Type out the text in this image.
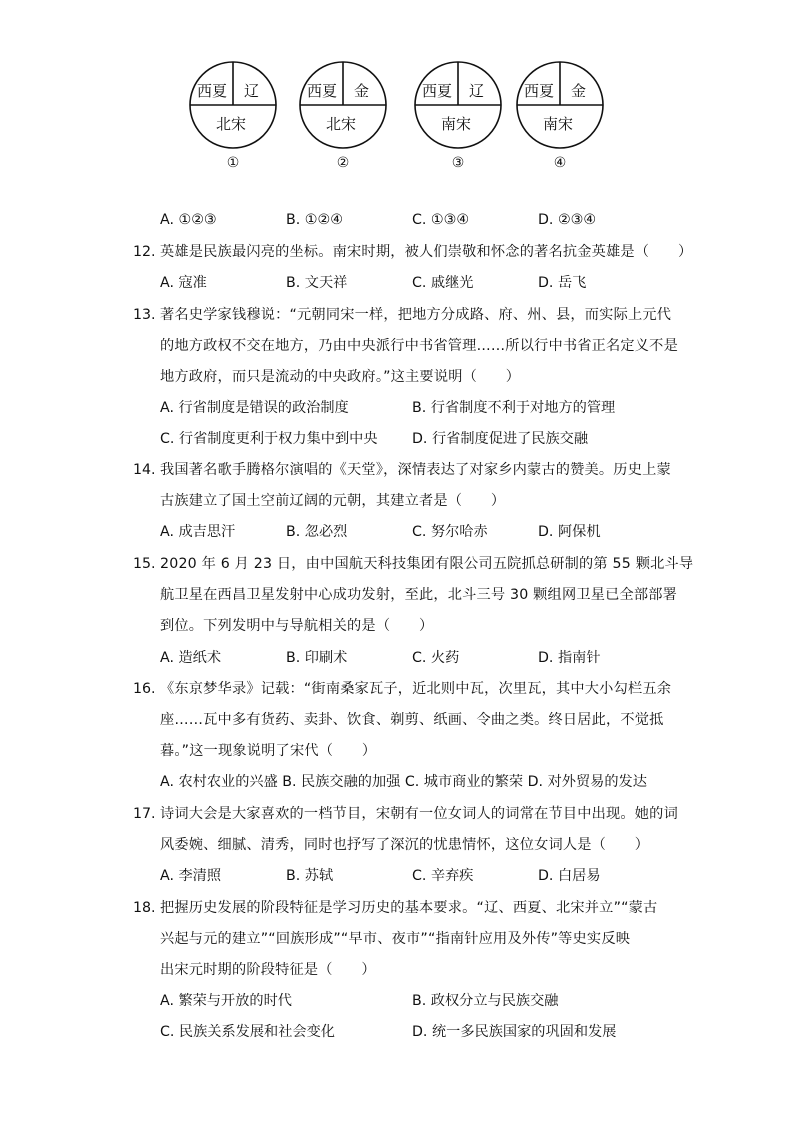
西夏 辽
北宋
①
西夏 金
北宋
②
西夏 辽
南宋
③
西夏 金
南宋
④
A. ①②③	B. ①②④	C. ①③④	D. ②③④
12. 英雄是民族最闪亮的坐标。南宋时期，被人们崇敬和怀念的著名抗金英雄是（　　）
A. 寇准	B. 文天祥	C. 戚继光	D. 岳飞
13. 著名史学家钱穆说：“元朝同宋一样，把地方分成路、府、州、县，而实际上元代
的地方政权不交在地方，乃由中央派行中书省管理……所以行中书省正名定义不是
地方政府，而只是流动的中央政府。”这主要说明（　　）
A. 行省制度是错误的政治制度	B. 行省制度不利于对地方的管理
C. 行省制度更利于权力集中到中央 D. 行省制度促进了民族交融
14. 我国著名歌手腾格尔演唱的《天堂》，深情表达了对家乡内蒙古的赞美。历史上蒙
古族建立了国土空前辽阔的元朝，其建立者是（　　）
A. 成吉思汗	B. 忽必烈	C. 努尔哈赤	D. 阿保机
15. 2020 年 6 月 23 日，由中国航天科技集团有限公司五院抓总研制的第 55 颗北斗导
航卫星在西昌卫星发射中心成功发射，至此，北斗三号 30 颗组网卫星已全部部署
到位。下列发明中与导航相关的是（　　）
A. 造纸术	B. 印刷术	C. 火药	D. 指南针
16. 《东京梦华录》记载：“街南桑家瓦子，近北则中瓦，次里瓦，其中大小勾栏五余
座……瓦中多有货药、卖卦、饮食、剃剪、纸画、令曲之类。终日居此，不觉抵
暮。”这一现象说明了宋代（　　）
A. 农村农业的兴盛 B. 民族交融的加强 C. 城市商业的繁荣 D. 对外贸易的发达
17. 诗词大会是大家喜欢的一档节目，宋朝有一位女词人的词常在节目中出现。她的词
风委婉、细腻、清秀，同时也抒写了深沉的忧患情怀，这位女词人是（　　）
A. 李清照	B. 苏轼	C. 辛弃疾	D. 白居易
18. 把握历史发展的阶段特征是学习历史的基本要求。“辽、西夏、北宋并立”“蒙古
兴起与元的建立”“回族形成”“早市、夜市”“指南针应用及外传”等史实反映
出宋元时期的阶段特征是（　　）
A. 繁荣与开放的时代	B. 政权分立与民族交融
C. 民族关系发展和社会变化	D. 统一多民族国家的巩固和发展
